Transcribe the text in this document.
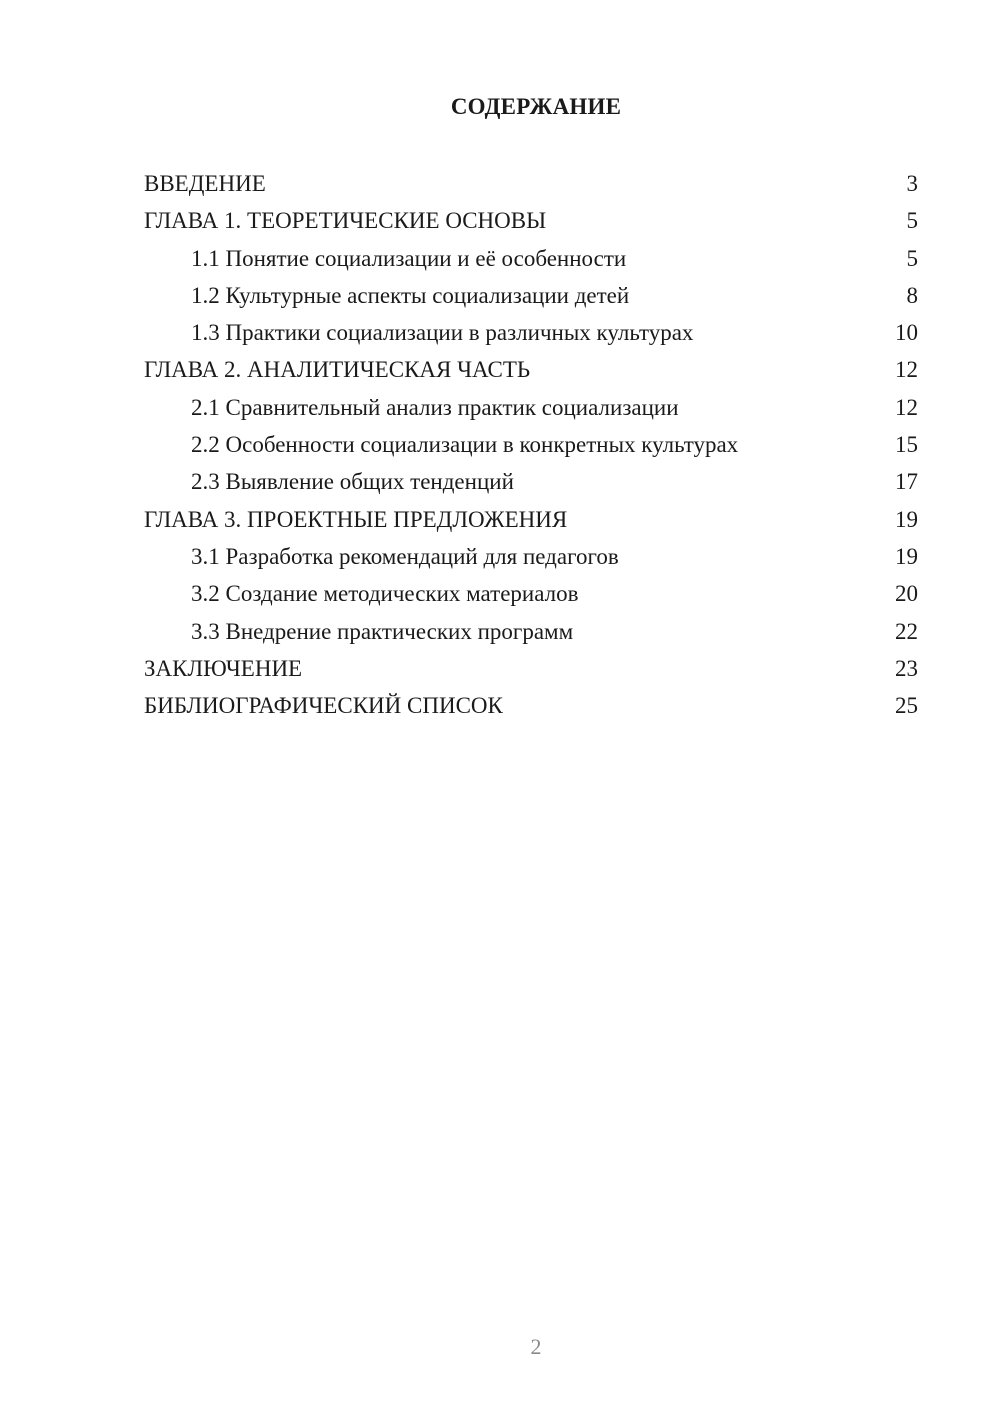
СОДЕРЖАНИЕ
ВВЕДЕНИЕ	3
ГЛАВА 1. ТЕОРЕТИЧЕСКИЕ ОСНОВЫ	5
1.1 Понятие социализации и её особенности	5
1.2 Культурные аспекты социализации детей	8
1.3 Практики социализации в различных культурах	10
ГЛАВА 2. АНАЛИТИЧЕСКАЯ ЧАСТЬ	12
2.1 Сравнительный анализ практик социализации	12
2.2 Особенности социализации в конкретных культурах	15
2.3 Выявление общих тенденций	17
ГЛАВА 3. ПРОЕКТНЫЕ ПРЕДЛОЖЕНИЯ	19
3.1 Разработка рекомендаций для педагогов	19
3.2 Создание методических материалов	20
3.3 Внедрение практических программ	22
ЗАКЛЮЧЕНИЕ	23
БИБЛИОГРАФИЧЕСКИЙ СПИСОК	25
2
